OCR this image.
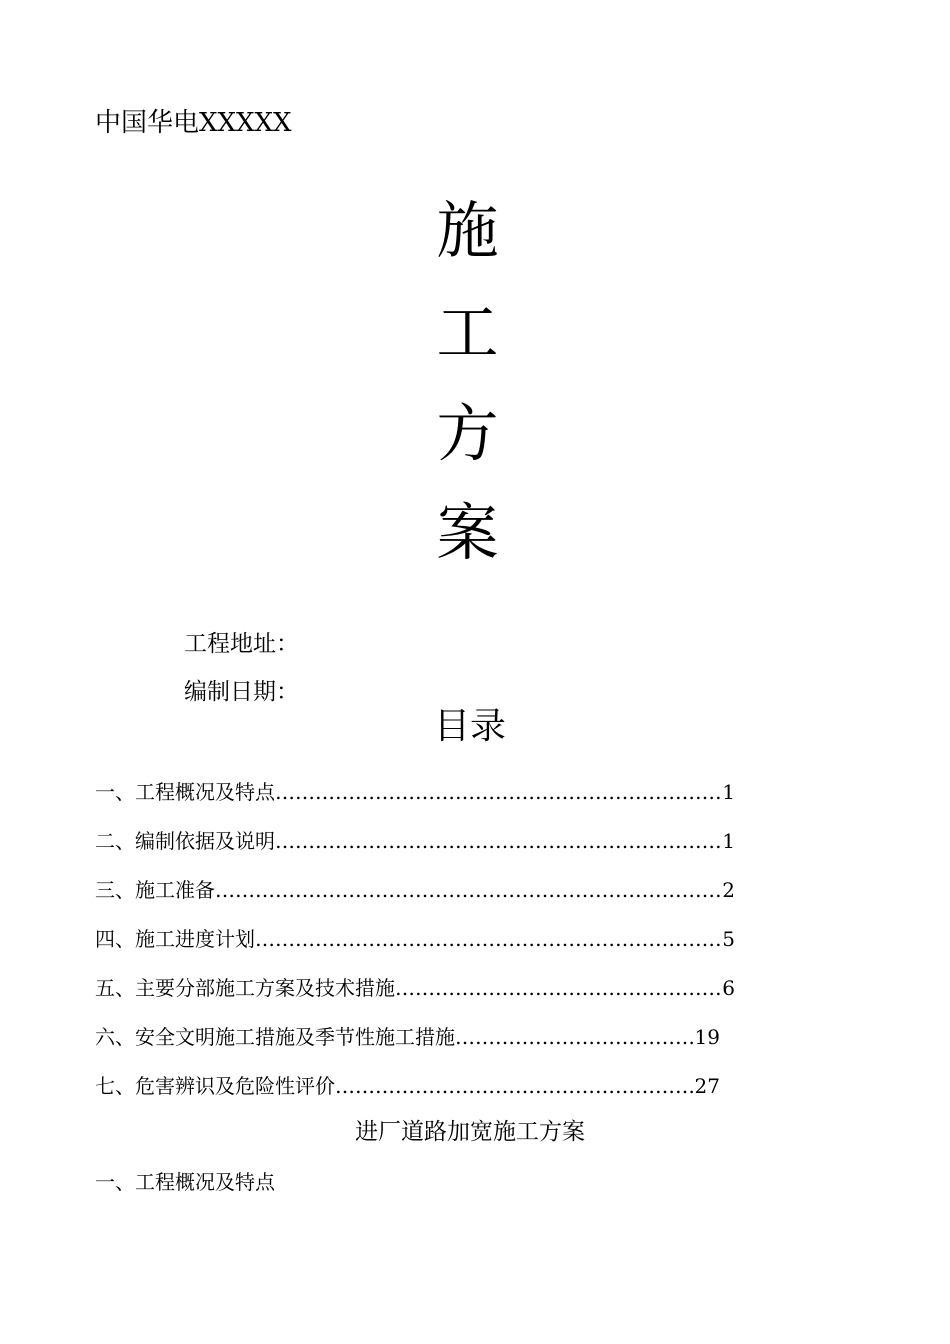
中国华电XXXXX
施
工
方
案
工程地址：
编制日期：
目录
一、工程概况及特点 ………………………………………………………………………………………………………………………………………………………………	1
二、编制依据及说明 ………………………………………………………………………………………………………………………………………………………………	1
三、施工准备 ………………………………………………………………………………………………………………………………………………………………	2
四、施工进度计划 ………………………………………………………………………………………………………………………………………………………………	5
五、主要分部施工方案及技术措施 ………………………………………………………………………………………………………………………………………………………………	6
六、安全文明施工措施及季节性施工措施 ………………………………………………………………………………………………………………………………………………………………	19
七、危害辨识及危险性评价 ………………………………………………………………………………………………………………………………………………………………	27
进厂道路加宽施工方案
一、工程概况及特点
